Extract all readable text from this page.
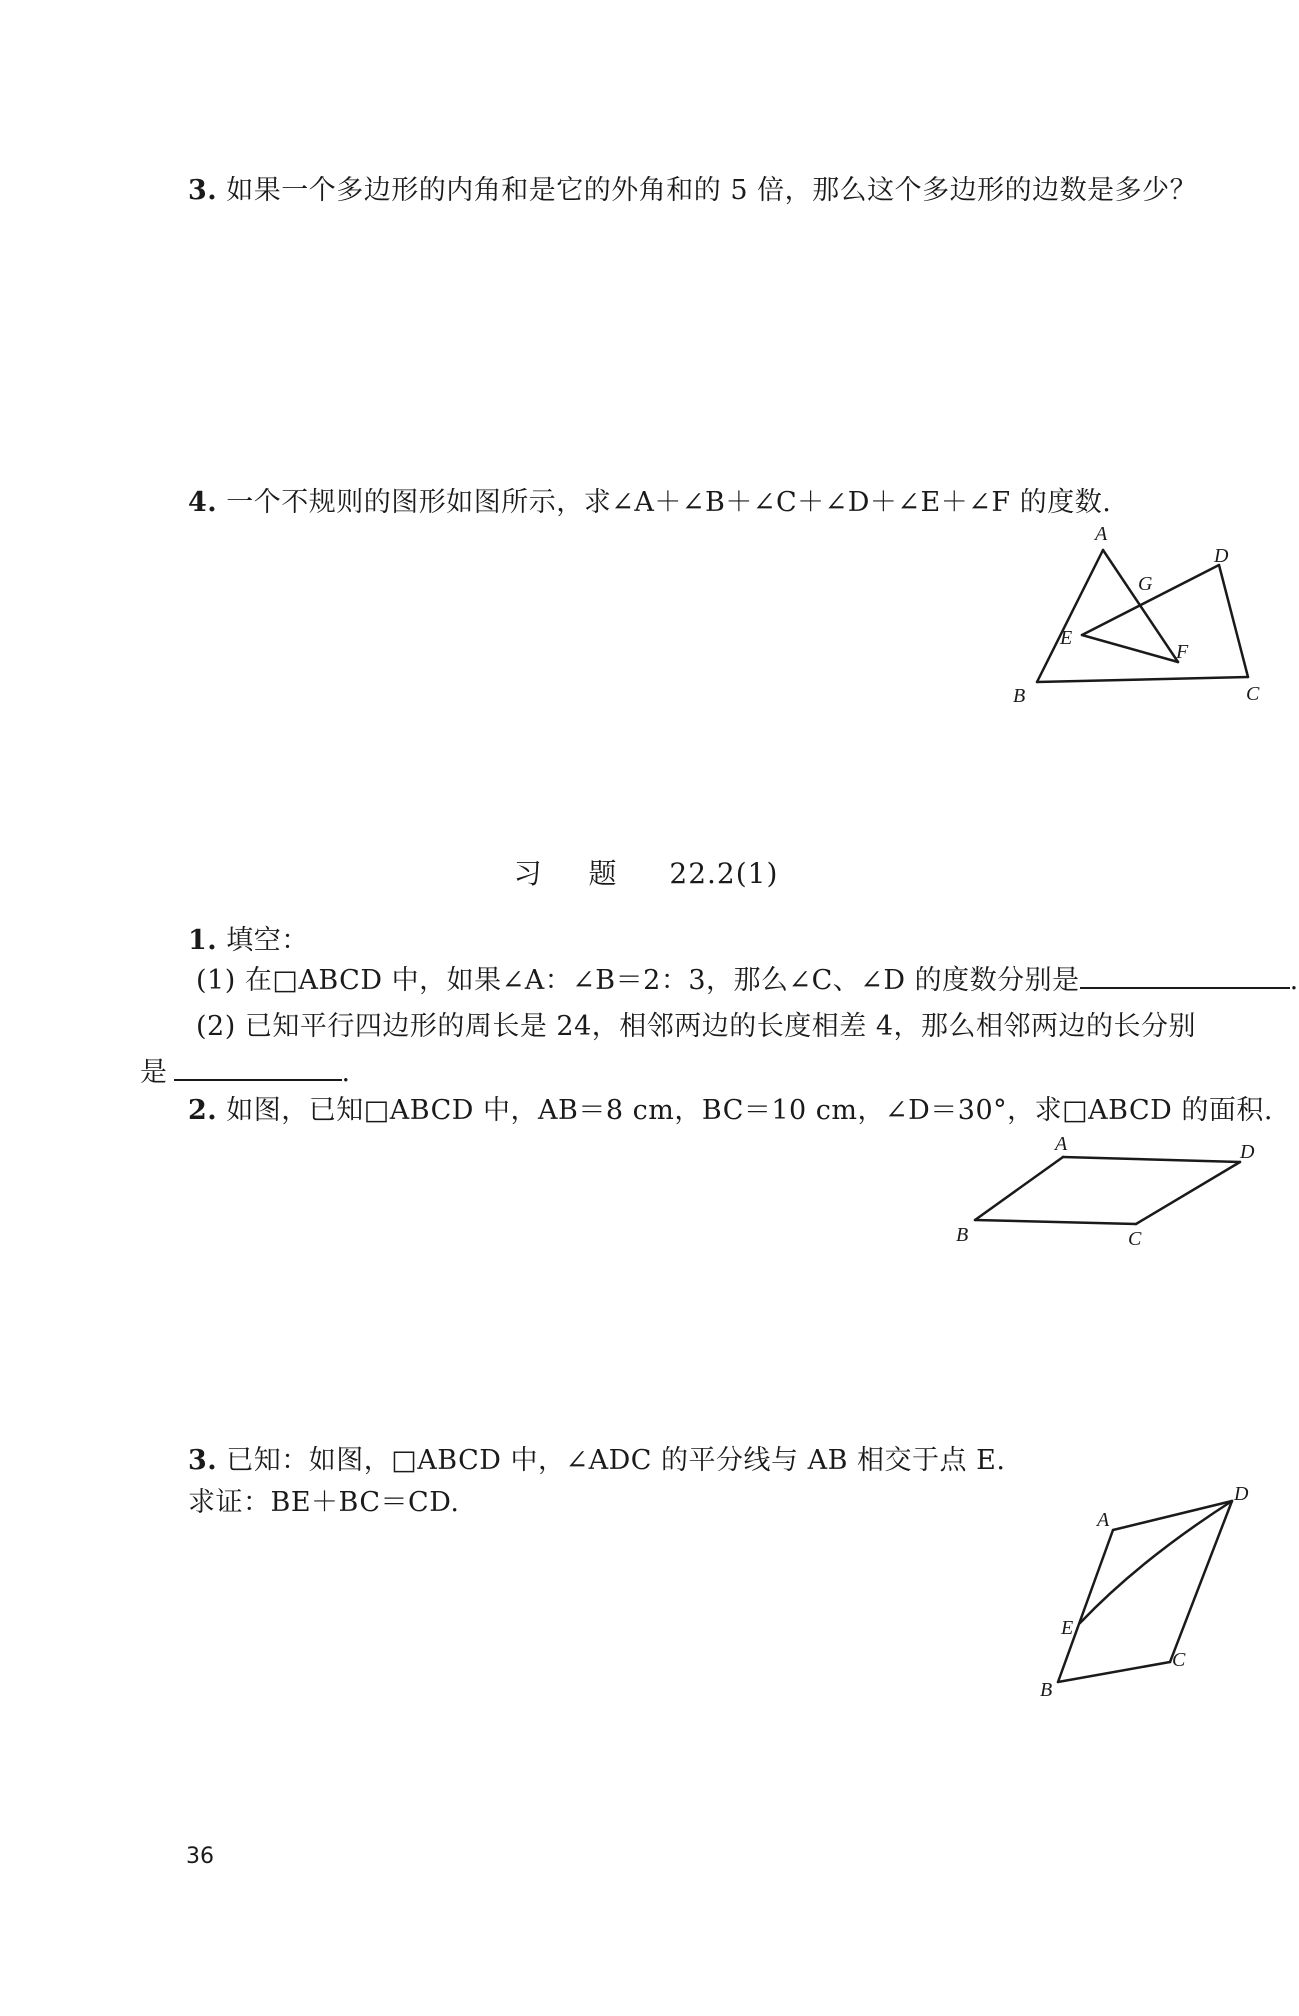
3. 如果一个多边形的内角和是它的外角和的 5 倍，那么这个多边形的边数是多少？
4. 一个不规则的图形如图所示，求∠A＋∠B＋∠C＋∠D＋∠E＋∠F 的度数.
A
B	C
D
E
F
G
习 题 22.2(1)
1. 填空：
(1) 在□ABCD 中，如果∠A：∠B＝2：3，那么∠C、∠D 的度数分别是	.
(2) 已知平行四边形的周长是 24，相邻两边的长度相差 4，那么相邻两边的长分别
是	.
2. 如图，已知□ABCD 中，AB＝8 cm，BC＝10 cm，∠D＝30°，求□ABCD 的面积.
A
B	C
D
3. 已知：如图，□ABCD 中，∠ADC 的平分线与 AB 相交于点 E.
求证：BE＋BC＝CD.
A
B
C
D
E
36
